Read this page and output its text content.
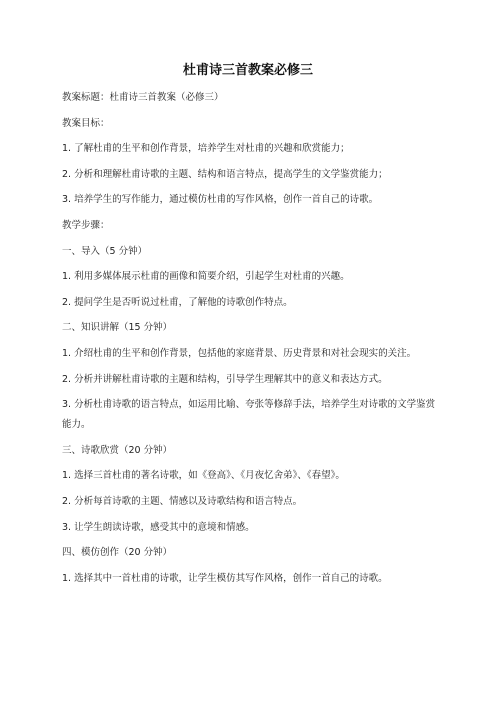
杜甫诗三首教案必修三

教案标题：杜甫诗三首教案（必修三）

教案目标：

1. 了解杜甫的生平和创作背景，培养学生对杜甫的兴趣和欣赏能力；

2. 分析和理解杜甫诗歌的主题、结构和语言特点，提高学生的文学鉴赏能力；

3. 培养学生的写作能力，通过模仿杜甫的写作风格，创作一首自己的诗歌。

教学步骤：

一、导入（5 分钟）

1. 利用多媒体展示杜甫的画像和简要介绍，引起学生对杜甫的兴趣。

2. 提问学生是否听说过杜甫，了解他的诗歌创作特点。

二、知识讲解（15 分钟）

1. 介绍杜甫的生平和创作背景，包括他的家庭背景、历史背景和对社会现实的关注。

2. 分析并讲解杜甫诗歌的主题和结构，引导学生理解其中的意义和表达方式。

3. 分析杜甫诗歌的语言特点，如运用比喻、夸张等修辞手法，培养学生对诗歌的文学鉴赏能力。

三、诗歌欣赏（20 分钟）

1. 选择三首杜甫的著名诗歌，如《登高》、《月夜忆舍弟》、《春望》。

2. 分析每首诗歌的主题、情感以及诗歌结构和语言特点。

3. 让学生朗读诗歌，感受其中的意境和情感。

四、模仿创作（20 分钟）

1. 选择其中一首杜甫的诗歌，让学生模仿其写作风格，创作一首自己的诗歌。
